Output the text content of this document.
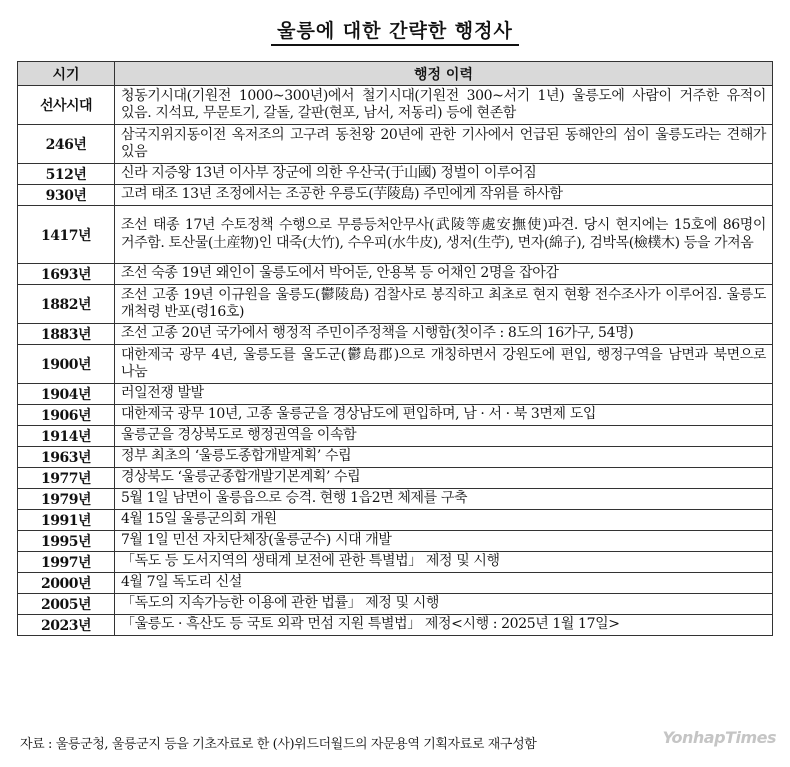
울릉에 대한 간략한 행정사
시기	행정 이력
선사시대	청동기시대(기원전 1000~300년)에서 철기시대(기원전 300~서기 1년) 울릉도에 사람이 거주한 유적이 있음. 지석묘, 무문토기, 갈돌, 갈판(현포, 남서, 저동리) 등에 현존함
246년	삼국지위지동이전 옥저조의 고구려 동천왕 20년에 관한 기사에서 언급된 동해안의 섬이 울릉도라는 견해가 있음
512년	신라 지증왕 13년 이사부 장군에 의한 우산국(于山國) 정벌이 이루어짐
930년	고려 태조 13년 조정에서는 조공한 우릉도(芋陵島) 주민에게 작위를 하사함
1417년	조선 태종 17년 수토정책 수행으로 무릉등처안무사(武陵等處安撫使)파견. 당시 현지에는 15호에 86명이 거주함. 토산물(土産物)인 대죽(大竹), 수우피(水牛皮), 생저(生苧), 면자(綿子), 검박목(檢樸木) 등을 가져옴
1693년	조선 숙종 19년 왜인이 울릉도에서 박어둔, 안용복 등 어채인 2명을 잡아감
1882년	조선 고종 19년 이규원을 울릉도(鬱陵島) 검찰사로 봉직하고 최초로 현지 현황 전수조사가 이루어짐. 울릉도 개척령 반포(령16호)
1883년	조선 고종 20년 국가에서 행정적 주민이주정책을 시행함(첫이주 : 8도의 16가구, 54명)
1900년	대한제국 광무 4년, 울릉도를 울도군(鬱島郡)으로 개칭하면서 강원도에 편입, 행정구역을 남면과 북면으로 나눔
1904년	러일전쟁 발발
1906년	대한제국 광무 10년, 고종 울릉군을 경상남도에 편입하며, 남 · 서 · 북 3면제 도입
1914년	울릉군을 경상북도로 행정권역을 이속함
1963년	정부 최초의 ‘울릉도종합개발계획’ 수립
1977년	경상북도 ‘울릉군종합개발기본계획’ 수립
1979년	5월 1일 남면이 울릉읍으로 승격. 현행 1읍2면 체제를 구축
1991년	4월 15일 울릉군의회 개원
1995년	7월 1일 민선 자치단체장(울릉군수) 시대 개발
1997년	「독도 등 도서지역의 생태계 보전에 관한 특별법」 제정 및 시행
2000년	4월 7일 독도리 신설
2005년	「독도의 지속가능한 이용에 관한 법률」 제정 및 시행
2023년	「울릉도 · 흑산도 등 국토 외곽 먼섬 지원 특별법」 제정<시행 : 2025년 1월 17일>
자료 : 울릉군청, 울릉군지 등을 기초자료로 한 (사)위드더월드의 자문용역 기획자료로 재구성함	YonhapTimes
